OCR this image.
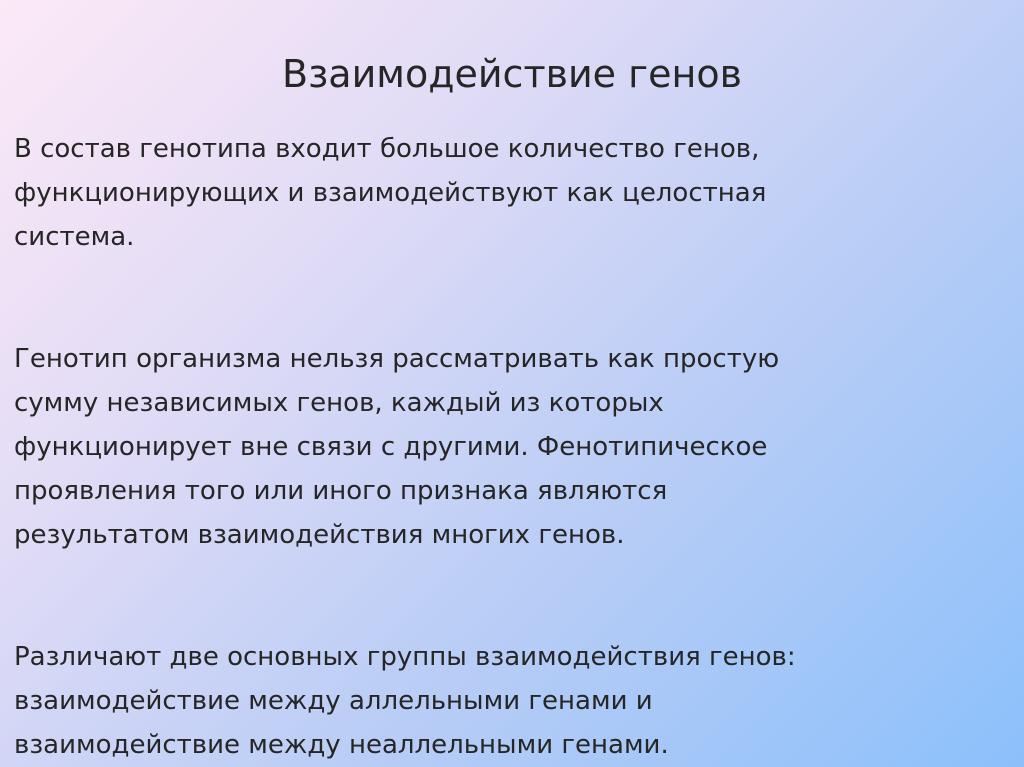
Взаимодействие генов

В состав генотипа входит большое количество генов,
функционирующих и взаимодействуют как целостная
система.

Генотип организма нельзя рассматривать как простую
сумму независимых генов, каждый из которых
функционирует вне связи с другими. Фенотипическое
проявления того или иного признака являются
результатом взаимодействия многих генов.

Различают две основных группы взаимодействия генов:
взаимодействие между аллельными генами и
взаимодействие между неаллельными генами.
